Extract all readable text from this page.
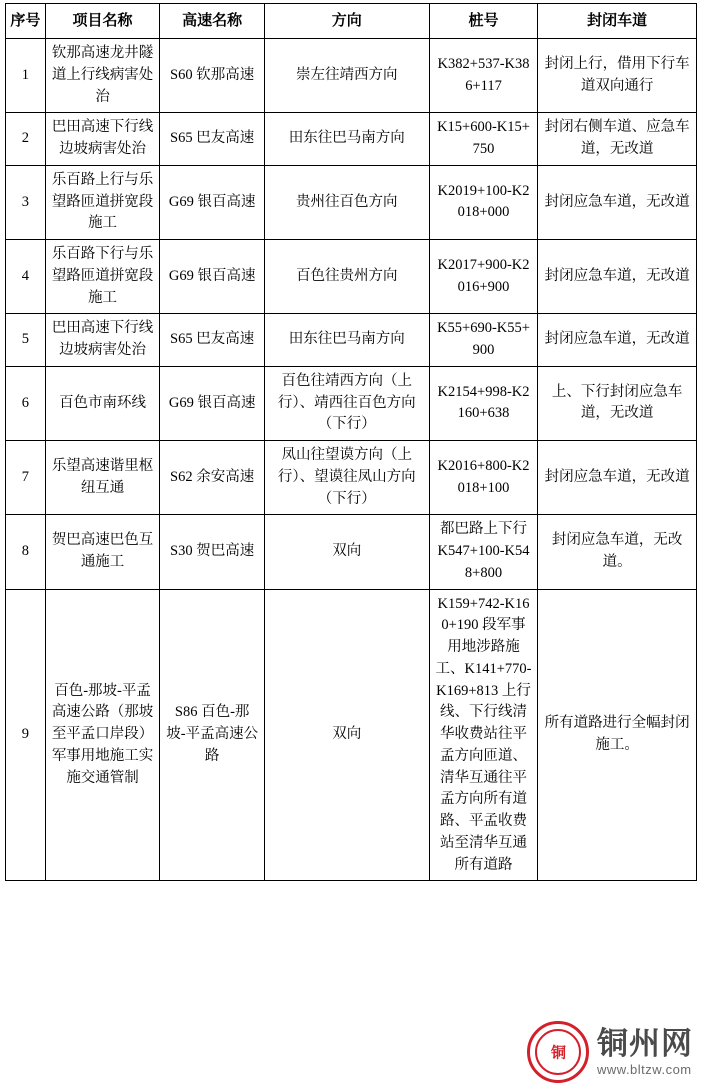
序号	项目名称	高速名称	方向	桩号	封闭车道
1	钦那高速龙井隧道上行线病害处治	S60 钦那高速	崇左往靖西方向	K382+537-K386+117	封闭上行，借用下行车道双向通行
2	巴田高速下行线边坡病害处治	S65 巴友高速	田东往巴马南方向	K15+600-K15+750	封闭右侧车道、应急车道，无改道
3	乐百路上行与乐望路匝道拼宽段施工	G69 银百高速	贵州往百色方向	K2019+100-K2018+000	封闭应急车道，无改道
4	乐百路下行与乐望路匝道拼宽段施工	G69 银百高速	百色往贵州方向	K2017+900-K2016+900	封闭应急车道，无改道
5	巴田高速下行线边坡病害处治	S65 巴友高速	田东往巴马南方向	K55+690-K55+900	封闭应急车道，无改道
6	百色市南环线	G69 银百高速	百色往靖西方向（上行）、靖西往百色方向（下行）	K2154+998-K2160+638	上、下行封闭应急车道，无改道
7	乐望高速谐里枢纽互通	S62 余安高速	凤山往望谟方向（上行）、望谟往凤山方向（下行）	K2016+800-K2018+100	封闭应急车道，无改道
8	贺巴高速巴色互通施工	S30 贺巴高速	双向	都巴路上下行 K547+100-K548+800	封闭应急车道，无改道。
9	百色-那坡-平孟高速公路（那坡至平孟口岸段）军事用地施工实施交通管制	S86 百色-那坡-平孟高速公路	双向	K159+742-K160+190 段军事用地涉路施工、K141+770-K169+813 上行线、下行线清华收费站往平孟方向匝道、清华互通往平孟方向所有道路、平孟收费站至清华互通所有道路	所有道路进行全幅封闭施工。
铜 铜州网
www.bltzw.com
